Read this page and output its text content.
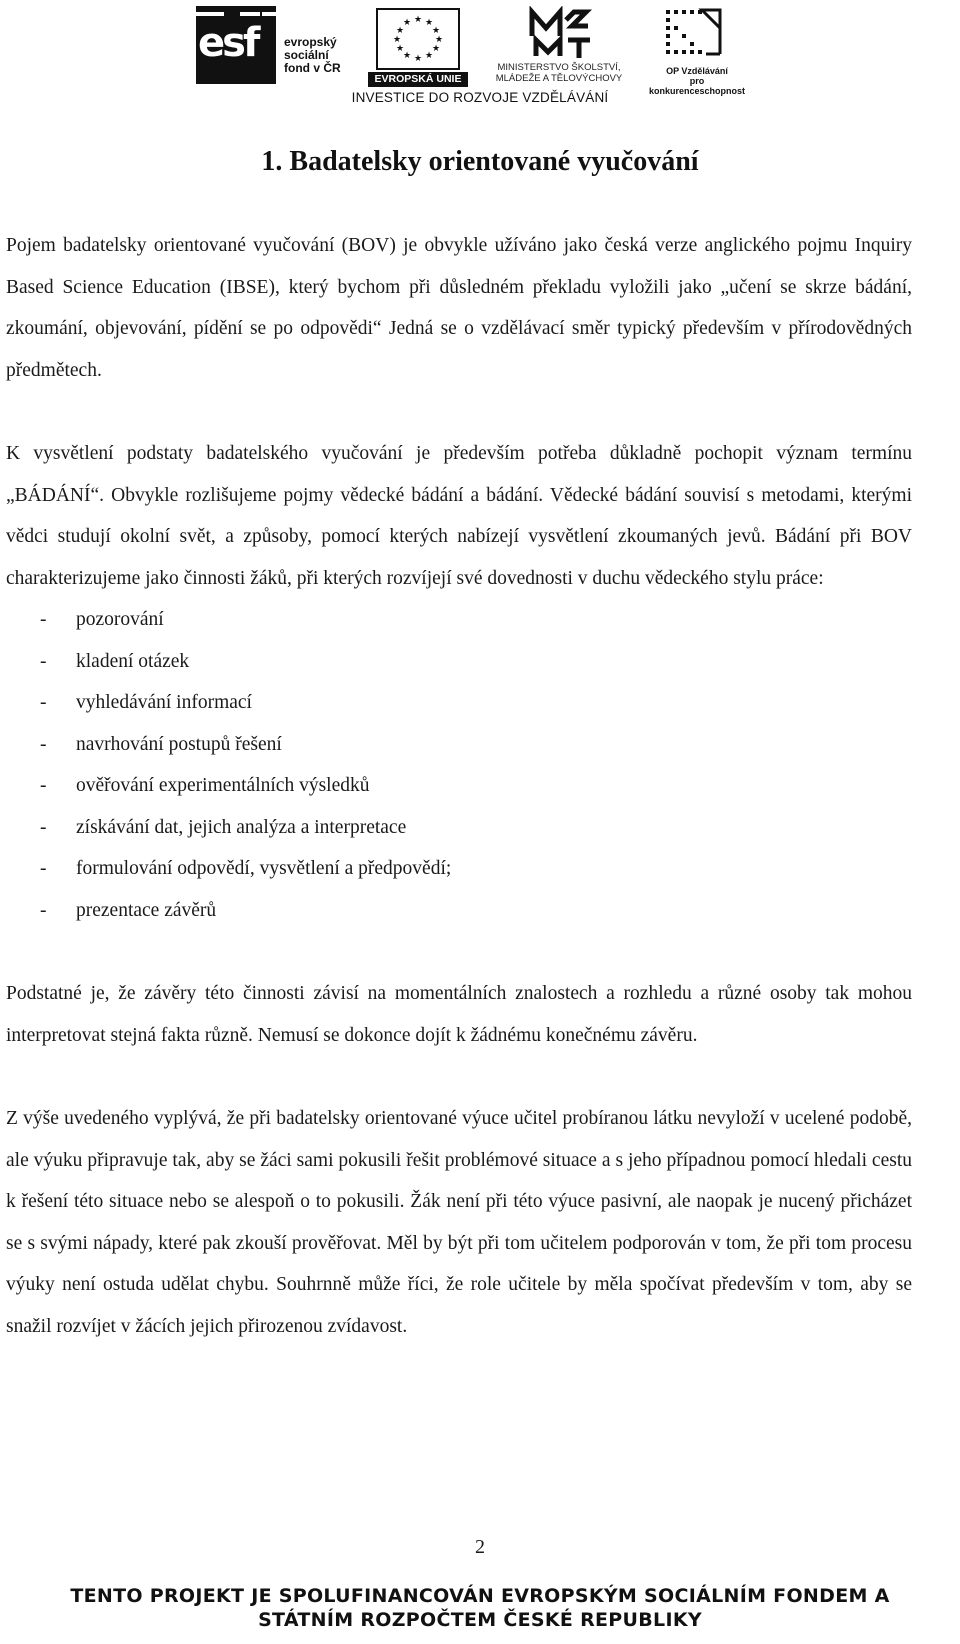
esf evropský
sociální
fond v ČR
★ ★
★
★
★
★
★
★
★
★
★
★
EVROPSKÁ UNIE
MINISTERSTVO ŠKOLSTVÍ,
MLÁDEŽE A TĚLOVÝCHOVY
OP Vzdělávání
pro konkurenceschopnost
INVESTICE DO ROZVOJE VZDĚLÁVÁNÍ
1. Badatelsky orientované vyučování

Pojem badatelsky orientované vyučování (BOV) je obvykle užíváno jako česká verze anglického pojmu Inquiry Based Science Education (IBSE), který bychom při důsledném překladu vyložili jako „učení se skrze bádání, zkoumání, objevování, pídění se po odpovědi“ Jedná se o vzdělávací směr typický především v přírodovědných předmětech.

K vysvětlení podstaty badatelského vyučování je především potřeba důkladně pochopit význam termínu „BÁDÁNÍ“. Obvykle rozlišujeme pojmy vědecké bádání a bádání. Vědecké bádání souvisí s metodami, kterými vědci studují okolní svět, a způsoby, pomocí kterých nabízejí vysvětlení zkoumaných jevů. Bádání při BOV charakterizujeme jako činnosti žáků, při kterých rozvíjejí své dovednosti v duchu vědeckého stylu práce:

- pozorování
- kladení otázek
- vyhledávání informací
- navrhování postupů řešení
- ověřování experimentálních výsledků
- získávání dat, jejich analýza a interpretace
- formulování odpovědí, vysvětlení a předpovědí;
- prezentace závěrů

Podstatné je, že závěry této činnosti závisí na momentálních znalostech a rozhledu a různé osoby tak mohou interpretovat stejná fakta různě. Nemusí se dokonce dojít k žádnému konečnému závěru.

Z výše uvedeného vyplývá, že při badatelsky orientované výuce učitel probíranou látku nevyloží v ucelené podobě, ale výuku připravuje tak, aby se žáci sami pokusili řešit problémové situace a s jeho případnou pomocí hledali cestu k řešení této situace nebo se alespoň o to pokusili. Žák není při této výuce pasivní, ale naopak je nucený přicházet se s svými nápady, které pak zkouší prověřovat. Měl by být při tom učitelem podporován v tom, že při tom procesu výuky není ostuda udělat chybu. Souhrnně může říci, že role učitele by měla spočívat především v tom, aby se snažil rozvíjet v žácích jejich přirozenou zvídavost.

2
TENTO PROJEKT JE SPOLUFINANCOVÁN EVROPSKÝM SOCIÁLNÍM FONDEM A
STÁTNÍM ROZPOČTEM ČESKÉ REPUBLIKY
